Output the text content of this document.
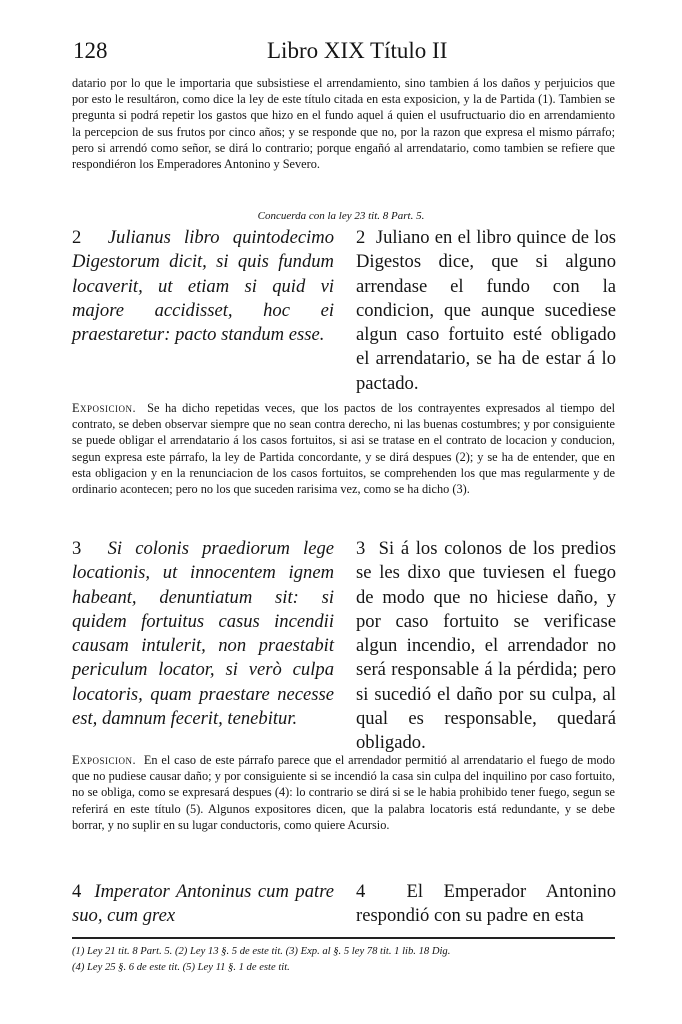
128	Libro XIX Título II

datario por lo que le importaria que subsistiese el arrendamiento, sino tambien á los daños y perjuicios que por esto le resultáron, como dice la ley de este título citada en esta exposicion, y la de Partida (1). Tambien se pregunta si podrá repetir los gastos que hizo en el fundo aquel á quien el usufructuario dio en arrendamiento la percepcion de sus frutos por cinco años; y se responde que no, por la razon que expresa el mismo párrafo; pero si arrendó como señor, se dirá lo contrario; porque engañó al arrendatario, como tambien se refiere que respondiéron los Emperadores Antonino y Severo.

Concuerda con la ley 23 tit. 8 Part. 5.

2 Julianus libro quintodecimo Digestorum dicit, si quis fundum locaverit, ut etiam si quid vi majore accidisset, hoc ei praestaretur: pacto standum esse.

2 Juliano en el libro quince de los Digestos dice, que si alguno arrendase el fundo con la condicion, que aunque sucediese algun caso fortuito esté obligado el arrendatario, se ha de estar á lo pactado.

Exposicion. Se ha dicho repetidas veces, que los pactos de los contrayentes expresados al tiempo del contrato, se deben observar siempre que no sean contra derecho, ni las buenas costumbres; y por consiguiente se puede obligar el arrendatario á los casos fortuitos, si asi se tratase en el contrato de locacion y conducion, segun expresa este párrafo, la ley de Partida concordante, y se dirá despues (2); y se ha de entender, que en esta obligacion y en la renunciacion de los casos fortuitos, se comprehenden los que mas regularmente y de ordinario acontecen; pero no los que suceden rarisima vez, como se ha dicho (3).

3 Si colonis praediorum lege locationis, ut innocentem ignem habeant, denuntiatum sit: si quidem fortuitus casus incendii causam intulerit, non praestabit periculum locator, si verò culpa locatoris, quam praestare necesse est, damnum fecerit, tenebitur.

3 Si á los colonos de los predios se les dixo que tuviesen el fuego de modo que no hiciese daño, y por caso fortuito se verificase algun incendio, el arrendador no será responsable á la pérdida; pero si sucedió el daño por su culpa, al qual es responsable, quedará obligado.

Exposicion. En el caso de este párrafo parece que el arrendador permitió al arrendatario el fuego de modo que no pudiese causar daño; y por consiguiente si se incendió la casa sin culpa del inquilino por caso fortuito, no se obliga, como se expresará despues (4): lo contrario se dirá si se le habia prohibido tener fuego, segun se referirá en este título (5). Algunos expositores dicen, que la palabra locatoris está redundante, y se debe borrar, y no suplir en su lugar conductoris, como quiere Acursio.

4 Imperator Antoninus cum patre suo, cum grex

4 El Emperador Antonino respondió con su padre en esta

(1) Ley 21 tit. 8 Part. 5. (2) Ley 13 §. 5 de este tit. (3) Exp. al §. 5 ley 78 tit. 1 lib. 18 Dig.

(4) Ley 25 §. 6 de este tit. (5) Ley 11 §. 1 de este tit.
